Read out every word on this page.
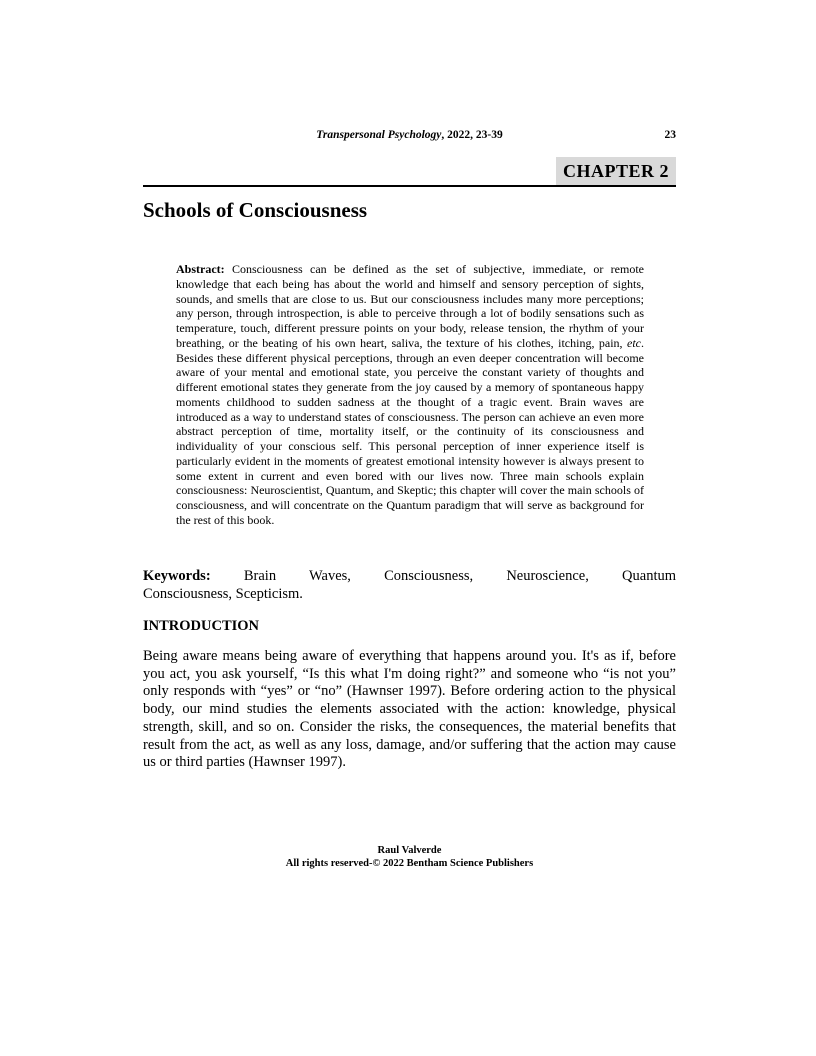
Transpersonal Psychology, 2022, 23-39	23
CHAPTER 2
Schools of Consciousness

Abstract: Consciousness can be defined as the set of subjective, immediate, or remote knowledge that each being has about the world and himself and sensory perception of sights, sounds, and smells that are close to us. But our consciousness includes many more perceptions; any person, through introspection, is able to perceive through a lot of bodily sensations such as temperature, touch, different pressure points on your body, release tension, the rhythm of your breathing, or the beating of his own heart, saliva, the texture of his clothes, itching, pain, etc. Besides these different physical perceptions, through an even deeper concentration will become aware of your mental and emotional state, you perceive the constant variety of thoughts and different emotional states they generate from the joy caused by a memory of spontaneous happy moments childhood to sudden sadness at the thought of a tragic event. Brain waves are introduced as a way to understand states of consciousness. The person can achieve an even more abstract perception of time, mortality itself, or the continuity of its consciousness and individuality of your conscious self. This personal perception of inner experience itself is particularly evident in the moments of greatest emotional intensity however is always present to some extent in current and even bored with our lives now. Three main schools explain consciousness: Neuroscientist, Quantum, and Skeptic; this chapter will cover the main schools of consciousness, and will concentrate on the Quantum paradigm that will serve as background for the rest of this book.

Keywords: Brain Waves, Consciousness, Neuroscience, Quantum
Consciousness, Scepticism.
INTRODUCTION

Being aware means being aware of everything that happens around you. It's as if, before you act, you ask yourself, “Is this what I'm doing right?” and someone who “is not you” only responds with “yes” or “no” (Hawnser 1997). Before ordering action to the physical body, our mind studies the elements associated with the action: knowledge, physical strength, skill, and so on. Consider the risks, the consequences, the material benefits that result from the act, as well as any loss, damage, and/or suffering that the action may cause us or third parties (Hawnser 1997).

Raul Valverde
All rights reserved-© 2022 Bentham Science Publishers
